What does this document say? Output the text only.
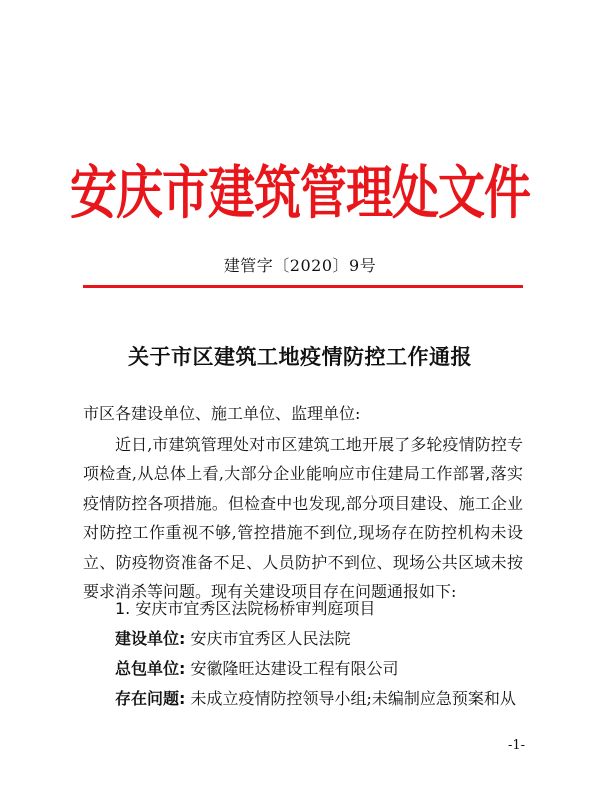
安庆市建筑管理处文件
建管字〔2020〕9号
关于市区建筑工地疫情防控工作通报
市区各建设单位、施工单位、监理单位:
近日,市建筑管理处对市区建筑工地开展了多轮疫情防控专项检查,从总体上看,大部分企业能响应市住建局工作部署,落实疫情防控各项措施。但检查中也发现,部分项目建设、施工企业对防控工作重视不够,管控措施不到位,现场存在防控机构未设立、防疫物资准备不足、人员防护不到位、现场公共区域未按要求消杀等问题。现有关建设项目存在问题通报如下:
1. 安庆市宜秀区法院杨桥审判庭项目
建设单位: 安庆市宜秀区人民法院
总包单位: 安徽隆旺达建设工程有限公司
存在问题: 未成立疫情防控领导小组;未编制应急预案和从
-1-
